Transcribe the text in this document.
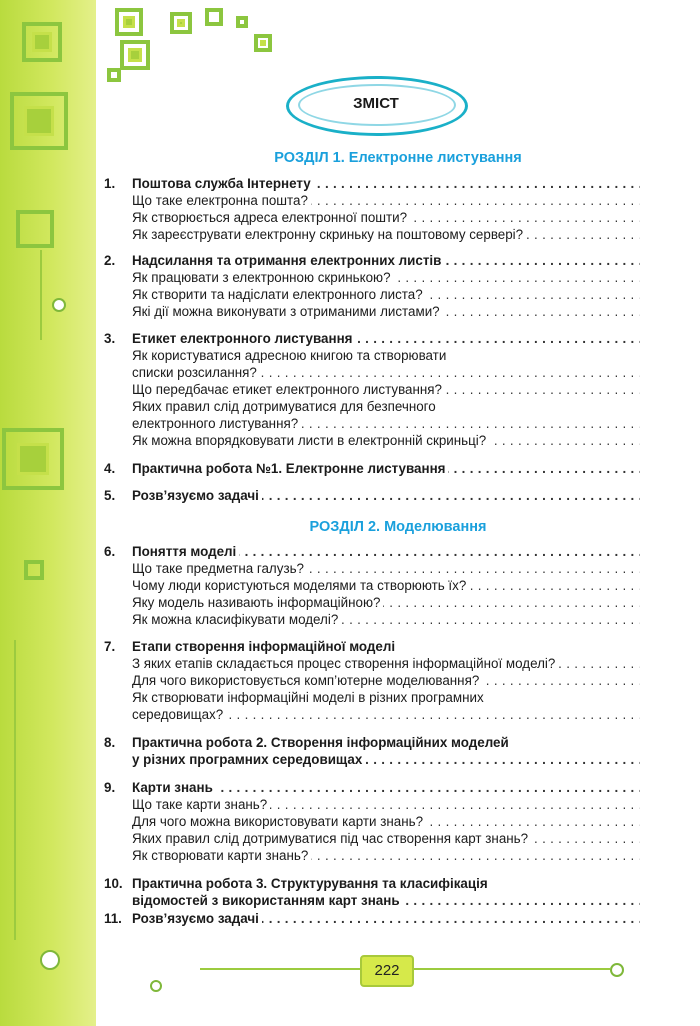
ЗМІСТ
РОЗДІЛ 1. Електронне листування
РОЗДІЛ 2. Моделювання
1.	Поштова служба Інтернету . . .
Що таке електронна пошта? . . .
Як створюється адреса електронної пошти? . . .
Як зареєструвати електронну скриньку на поштовому сервері? . . .
2.	Надсилання та отримання електронних листів . . .
Як працювати з електронною скринькою? . . .
Як створити та надіслати електронного листа? . . .
Які дії можна виконувати з отриманими листами? . . .
3.	Етикет електронного листування . . .
Як користуватися адресною книгою та створювати
списки розсилання? . . .
Що передбачає етикет електронного листування? . . .
Яких правил слід дотримуватися для безпечного
електронного листування? . . .
Як можна впорядковувати листи в електронній скриньці? . . .
4.	Практична робота №1. Електронне листування . . .
5.	Розв’язуємо задачі . . .
6.	Поняття моделі . . .
Що таке предметна галузь? . . .
Чому люди користуються моделями та створюють їх? . . .
Яку модель називають інформаційною? . . .
Як можна класифікувати моделі? . . .
7.	Етапи створення інформаційної моделі
З яких етапів складається процес створення інформаційної моделі? . . .
Для чого використовується комп’ютерне моделювання? . . .
Як створювати інформаційні моделі в різних програмних
середовищах? . . .
8.	Практична робота 2. Створення інформаційних моделей
у різних програмних середовищах . . .
9.	Карти знань . . .
Що таке карти знань? . . .
Для чого можна використовувати карти знань? . . .
Яких правил слід дотримуватися під час створення карт знань? . . .
Як створювати карти знань? . . .
10. Практична робота 3. Структурування та класифікація
відомостей з використанням карт знань . . .
11. Розв’язуємо задачі . . .
222
